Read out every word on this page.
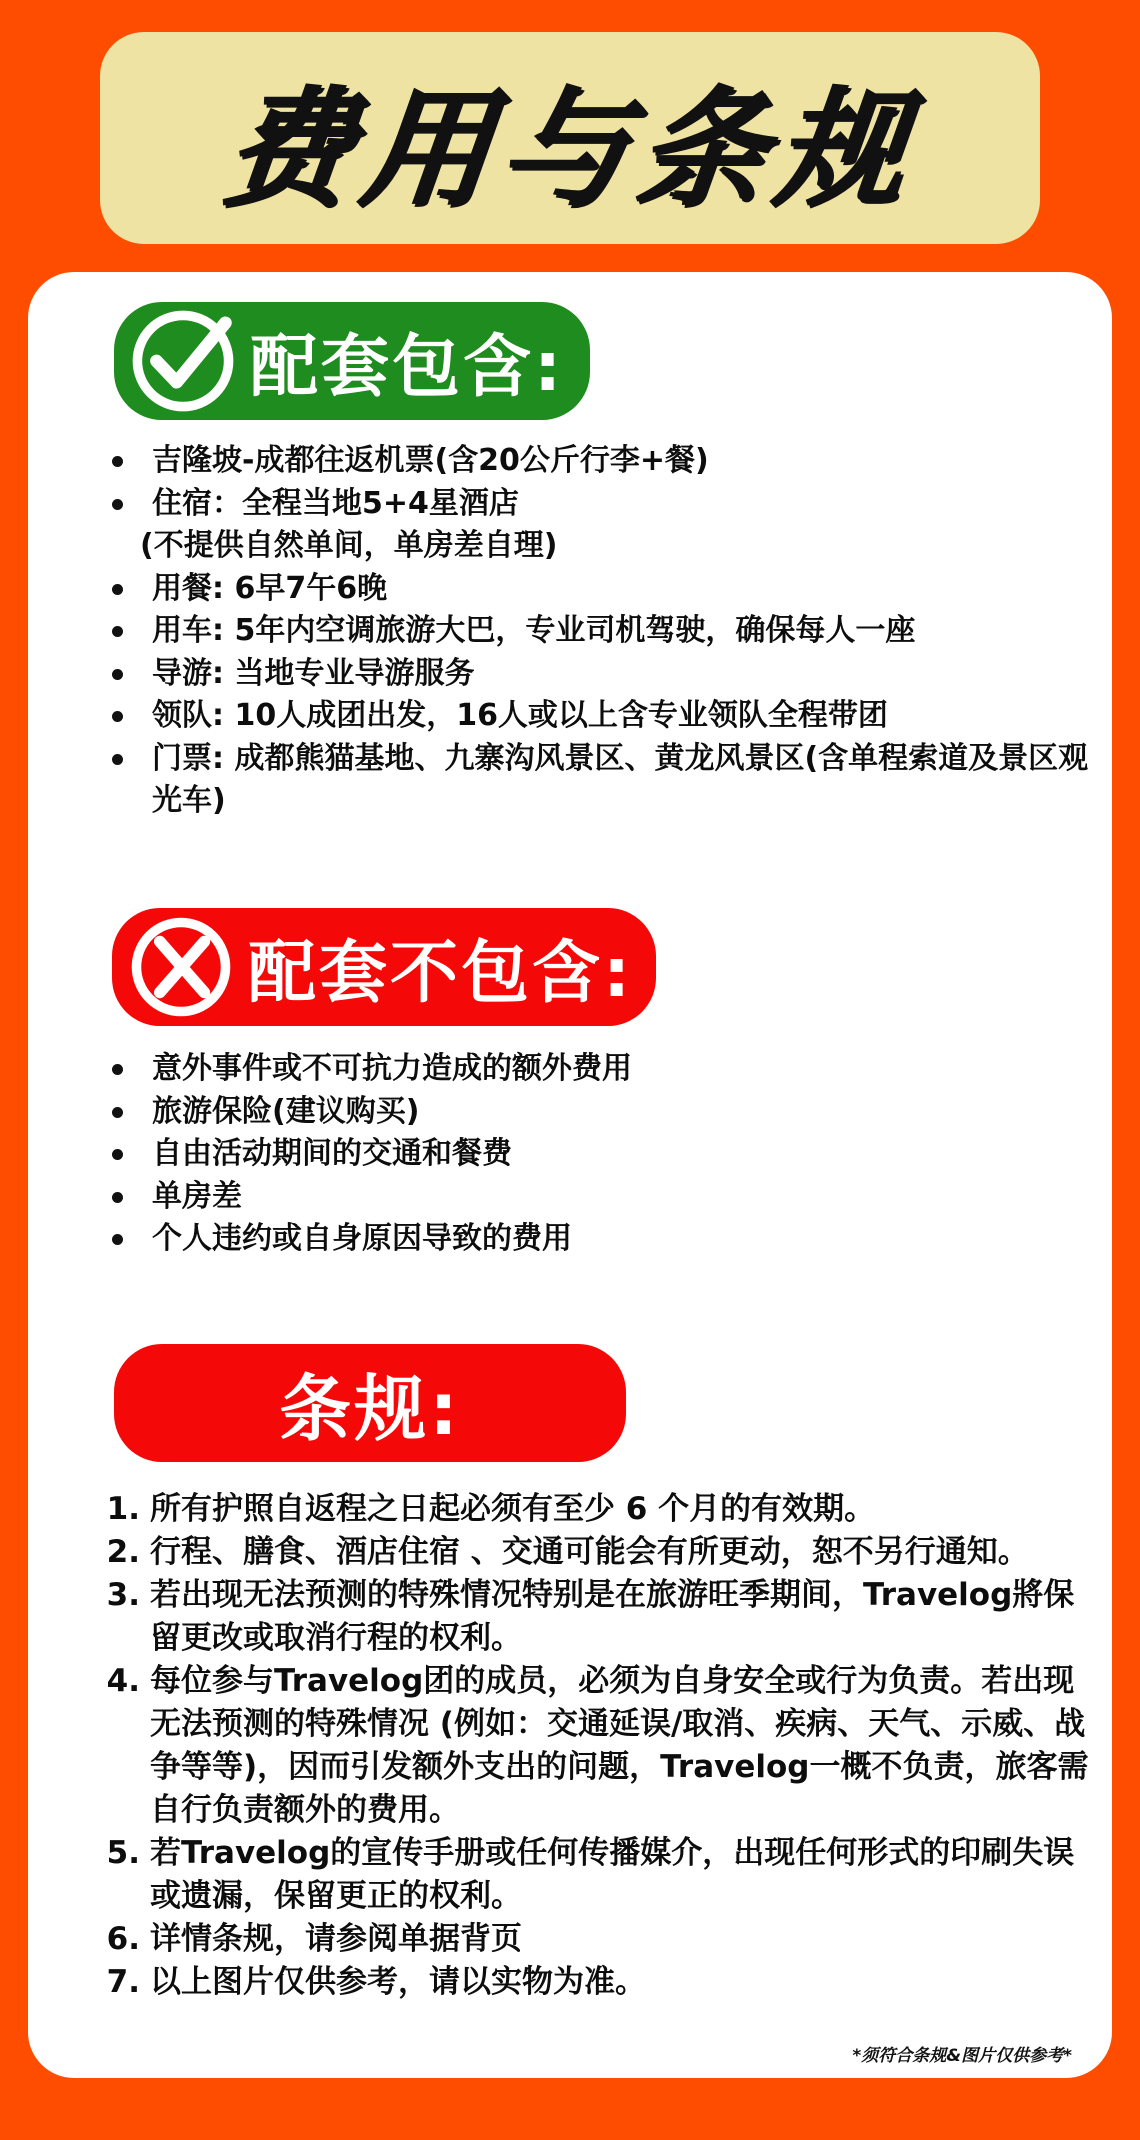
费用与条规
配套包含:
吉隆坡-成都往返机票(含20公斤行李+餐)
住宿：全程当地5+4星酒店
(不提供自然单间，单房差自理)
用餐: 6早7午6晚
用车: 5年内空调旅游大巴，专业司机驾驶，确保每人一座
导游: 当地专业导游服务
领队: 10人成团出发，16人或以上含专业领队全程带团
门票: 成都熊猫基地、九寨沟风景区、黄龙风景区(含单程索道及景区观光车)
配套不包含:
意外事件或不可抗力造成的额外费用
旅游保险(建议购买)
自由活动期间的交通和餐费
单房差
个人违约或自身原因导致的费用
条规:
1. 所有护照自返程之日起必须有至少 6 个月的有效期。
2. 行程、膳食、酒店住宿 、交通可能会有所更动，恕不另行通知。
3. 若出现无法预测的特殊情况特别是在旅游旺季期间，Travelog將保留更改或取消行程的权利。
4. 每位参与Travelog团的成员，必须为自身安全或行为负责。若出现无法预测的特殊情况 (例如：交通延误/取消、疾病、天气、示威、战争等等)，因而引发额外支出的问题，Travelog一概不负责，旅客需自行负责额外的费用。
5. 若Travelog的宣传手册或任何传播媒介，出现任何形式的印刷失误或遗漏，保留更正的权利。
6. 详情条规，请参阅单据背页
7. 以上图片仅供参考，请以实物为准。
*须符合条规&图片仅供参考*
